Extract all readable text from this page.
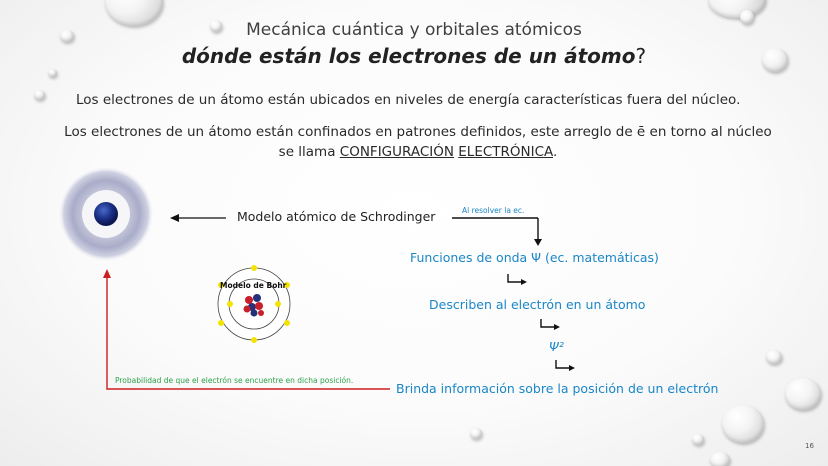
Mecánica cuántica y orbitales atómicos
dónde están los electrones de un átomo?
Los electrones de un átomo están ubicados en niveles de energía características fuera del núcleo.
Los electrones de un átomo están confinados en patrones definidos, este arreglo de ē en torno al núcleo se llama CONFIGURACIÓN ELECTRÓNICA.
Modelo atómico de Schrodinger	Al resolver la ec.
Funciones de onda Ψ (ec. matemáticas)
Describen al electrón en un átomo
Ψ²
Brinda información sobre la posición de un electrón
Probabilidad de que el electrón se encuentre en dicha posición.
Modelo de Bohr
16
